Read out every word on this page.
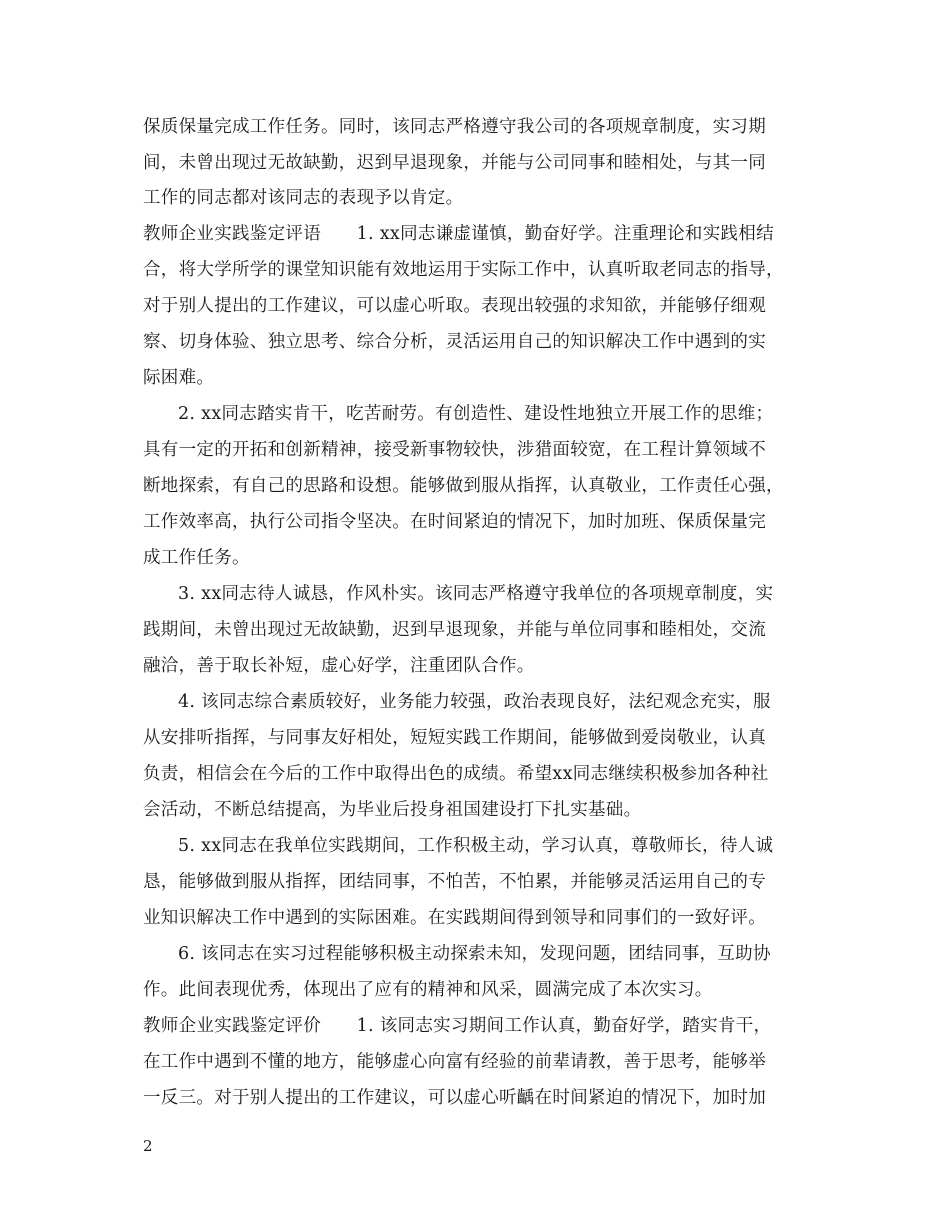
保质保量完成工作任务。同时，该同志严格遵守我公司的各项规章制度，实习期
间，未曾出现过无故缺勤，迟到早退现象，并能与公司同事和睦相处，与其一同
工作的同志都对该同志的表现予以肯定。
教师企业实践鉴定评语　　1. xx同志谦虚谨慎，勤奋好学。注重理论和实践相结
合，将大学所学的课堂知识能有效地运用于实际工作中，认真听取老同志的指导，
对于别人提出的工作建议，可以虚心听取。表现出较强的求知欲，并能够仔细观
察、切身体验、独立思考、综合分析，灵活运用自己的知识解决工作中遇到的实
际困难。
2. xx同志踏实肯干，吃苦耐劳。有创造性、建设性地独立开展工作的思维；
具有一定的开拓和创新精神，接受新事物较快，涉猎面较宽，在工程计算领域不
断地探索，有自己的思路和设想。能够做到服从指挥，认真敬业，工作责任心强，
工作效率高，执行公司指令坚决。在时间紧迫的情况下，加时加班、保质保量完
成工作任务。
3. xx同志待人诚恳，作风朴实。该同志严格遵守我单位的各项规章制度，实
践期间，未曾出现过无故缺勤，迟到早退现象，并能与单位同事和睦相处，交流
融洽，善于取长补短，虚心好学，注重团队合作。
4. 该同志综合素质较好，业务能力较强，政治表现良好，法纪观念充实，服
从安排听指挥，与同事友好相处，短短实践工作期间，能够做到爱岗敬业，认真
负责，相信会在今后的工作中取得出色的成绩。希望xx同志继续积极参加各种社
会活动，不断总结提高，为毕业后投身祖国建设打下扎实基础。
5. xx同志在我单位实践期间，工作积极主动，学习认真，尊敬师长，待人诚
恳，能够做到服从指挥，团结同事，不怕苦，不怕累，并能够灵活运用自己的专
业知识解决工作中遇到的实际困难。在实践期间得到领导和同事们的一致好评。
6. 该同志在实习过程能够积极主动探索未知，发现问题，团结同事，互助协
作。此间表现优秀，体现出了应有的精神和风采，圆满完成了本次实习。
教师企业实践鉴定评价　　1. 该同志实习期间工作认真，勤奋好学，踏实肯干，
在工作中遇到不懂的地方，能够虚心向富有经验的前辈请教，善于思考，能够举
一反三。对于别人提出的工作建议，可以虚心听齲在时间紧迫的情况下，加时加
2
